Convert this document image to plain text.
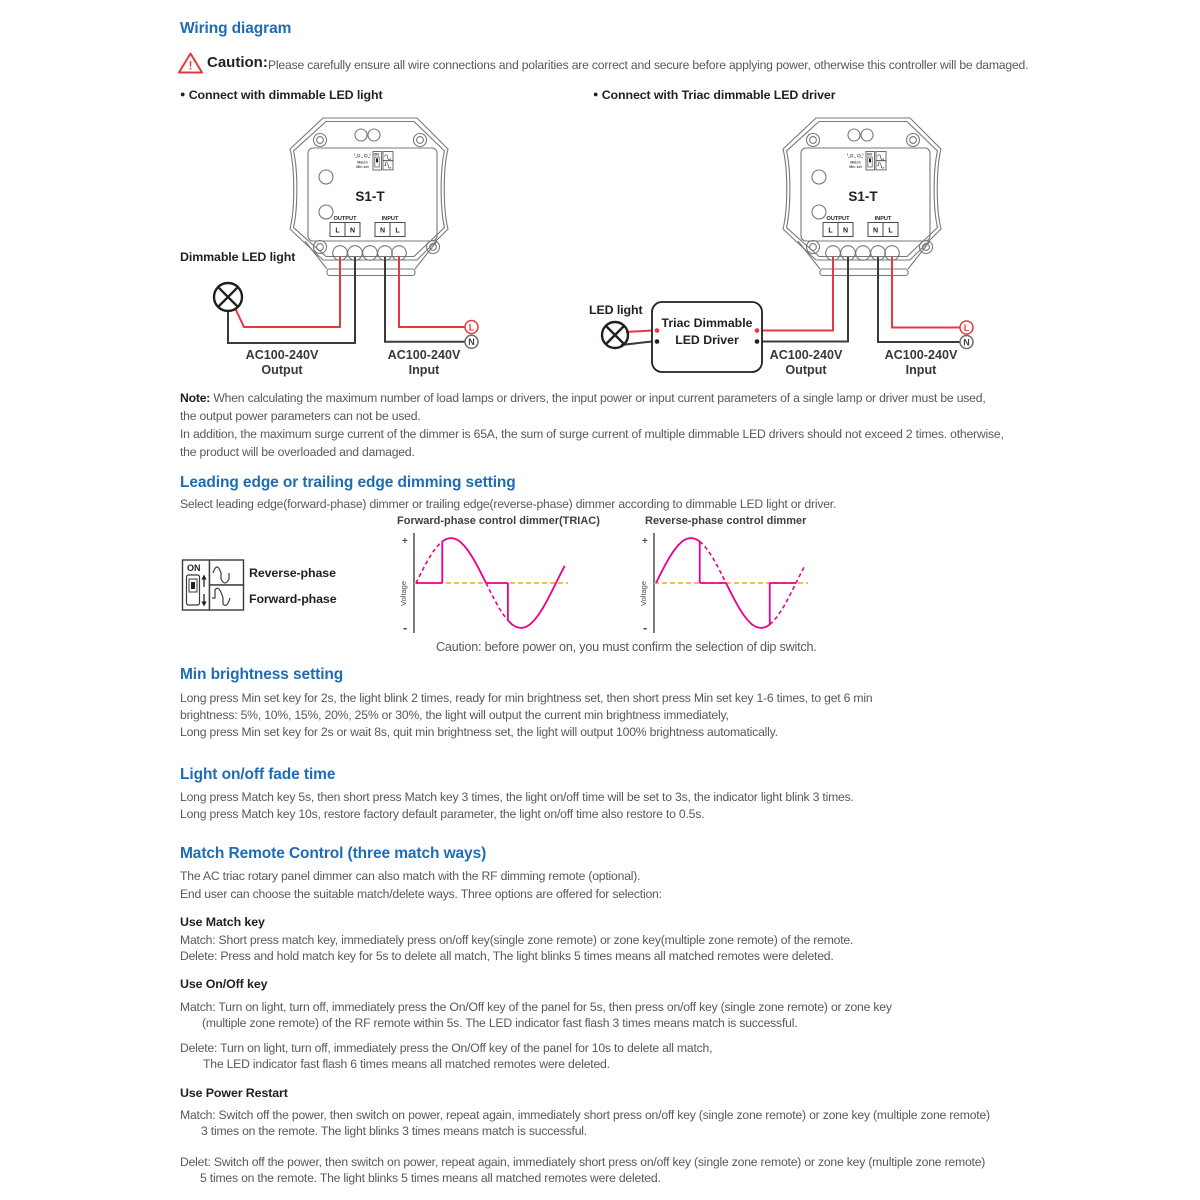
Wiring diagram
! Caution: Please carefully ensure all wire connections and polarities are correct and secure before applying power, otherwise this controller will be damaged.
● Connect with dimmable LED light	● Connect with Triac dimmable LED driver
Match
Min set
ON
S1-T
OUTPUT	INPUT
L N	N L
Match
Min set
ON
S1-T
OUTPUT	INPUT
L N	N L
L
N
Triac Dimmable
LED Driver
L
N
Dimmable LED light
AC100-240V
Output
AC100-240V
Input
LED light
AC100-240V
Output
AC100-240V
Input
Note: When calculating the maximum number of load lamps or drivers, the input power or input current parameters of a single lamp or driver must be used,
the output power parameters can not be used.
In addition, the maximum surge current of the dimmer is 65A, the sum of surge current of multiple dimmable LED drivers should not exceed 2 times. otherwise,
the product will be overloaded and damaged.
Leading edge or trailing edge dimming setting
Select leading edge(forward-phase) dimmer or trailing edge(reverse-phase) dimmer according to dimmable LED light or driver.
ON	Reverse-phase
Forward-phase
Forward-phase control dimmer(TRIAC)
+
-
Voltage
Reverse-phase control dimmer
+
-
Voltage
Caution: before power on, you must confirm the selection of dip switch.
Min brightness setting
Long press Min set key for 2s, the light blink 2 times, ready for min brightness set, then short press Min set key 1-6 times, to get 6 min
brightness: 5%, 10%, 15%, 20%, 25% or 30%, the light will output the current min brightness immediately,
Long press Min set key for 2s or wait 8s, quit min brightness set, the light will output 100% brightness automatically.
Light on/off fade time
Long press Match key 5s, then short press Match key 3 times, the light on/off time will be set to 3s, the indicator light blink 3 times.
Long press Match key 10s, restore factory default parameter, the light on/off time also restore to 0.5s.
Match Remote Control (three match ways)
The AC triac rotary panel dimmer can also match with the RF dimming remote (optional).
End user can choose the suitable match/delete ways. Three options are offered for selection:
Use Match key
Match: Short press match key, immediately press on/off key(single zone remote) or zone key(multiple zone remote) of the remote.
Delete: Press and hold match key for 5s to delete all match, The light blinks 5 times means all matched remotes were deleted.
Use On/Off key
Match: Turn on light, turn off, immediately press the On/Off key of the panel for 5s, then press on/off key (single zone remote) or zone key
(multiple zone remote) of the RF remote within 5s. The LED indicator fast flash 3 times means match is successful.
Delete: Turn on light, turn off, immediately press the On/Off key of the panel for 10s to delete all match,
The LED indicator fast flash 6 times means all matched remotes were deleted.
Use Power Restart
Match: Switch off the power, then switch on power, repeat again, immediately short press on/off key (single zone remote) or zone key (multiple zone remote)
3 times on the remote. The light blinks 3 times means match is successful.
Delet: Switch off the power, then switch on power, repeat again, immediately short press on/off key (single zone remote) or zone key (multiple zone remote)
5 times on the remote. The light blinks 5 times means all matched remotes were deleted.
